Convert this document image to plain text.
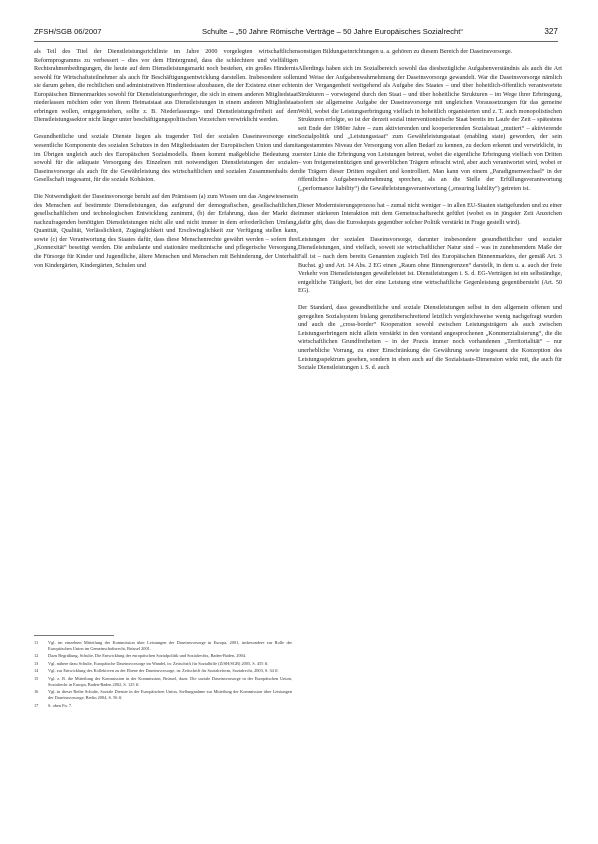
ZFSH/SGB 06/2007	Schulte – „50 Jahre Römische Verträge – 50 Jahre Europäisches Sozialrecht“	327

als Teil des Titel der Dienstleistungsrichtlinie im Jahre 2000 vorgelegten wirtschaftlichen Reformprogramms zu verbessert – dies vor dem Hintergrund, dass die schlechtere und vielfältigen Rechtsrahmenbedingungen, die heute auf dem Dienstleistungsmarkt noch bestehen, ein großes Hindernis sowohl für Wirtschaftsteilnehmer als auch für Beschäftigungsentwicklung darstellen. Insbesondere sollen sie darum gehen, die rechtlichen und administrativen Hindernisse abzubauen, die der Existenz einer echten Europäischen Binnenmarktes sowohl für Dienstleistungserbringer, die sich in einem anderen Mitgliedstaat niederlassen möchten oder von ihrem Heimatstaat aus Dienstleistungen in einem anderen Mitgliedstaat erbringen wollen, entgegenstehen, sollte z. B. Niederlassungs- und Dienstleistungsfreiheit auf dem Dienstleistungssektor nicht länger unter beschäftigungspolitischen Vorzeichen verwirklicht werden.

Gesundheitliche und soziale Dienste liegen als tragender Teil der sozialen Daseinsvorsorge eine wesentliche Komponente des sozialen Schutzes in den Mitgliedstaaten der Europäischen Union und damit im Übrigen ungleich auch des Europäischen Sozialmodells. Ihnen kommt maßgebliche Bedeutung zu sowohl für die adäquate Versorgung des Einzelnen mit notwendigen Dienstleistungen der sozialen Daseinsvorsorge als auch für die Gewährleistung des wirtschaftlichen und sozialen Zusammenhalts der Gesellschaft insgesamt, für die soziale Kohäsion.

Die Notwendigkeit der Daseinsvorsorge beruht auf den Prämissen (a) zum Wissen um das Angewiesensein des Menschen auf bestimmte Dienstleistungen, das aufgrund der demografischen, gesellschaftlichen, gesellschaftlichen und technologischen Entwicklung zunimmt, (b) der Erfahrung, dass der Markt die nachzufragenden benötigten Dienstleistungen nicht alle und nicht immer in dem erforderlichen Umfang, Quantität, Qualität, Verlässlichkeit, Zugänglichkeit und Erschwinglichkeit zur Verfügung stellen kann, sowie (c) der Verantwortung des Staates dafür, dass diese Menschenrechte gewährt werden – sofern ihre „Konnexität“ beseitigt werden. Die ambulante und stationäre medizinische und pflegerische Versorgung, die Fürsorge für Kinder und Jugendliche, ältere Menschen und Menschen mit Behinderung, der Unterhalt von Kindergärten, Kindergärten, Schulen und

11	Vgl. im einzelnen Mitteilung der Kommission über Leistungen der Daseinsvorsorge in Europa, 2001, insbesondere zur Rolle der Europäischen Union im Gemeinschaftsrecht, Brüssel 2001.
12	Dazu Begrüßung, Schulte, Die Entwicklung der europäischen Sozialpolitik und Sozialrechts, Baden-Baden, 2004.
13	Vgl. nähere dazu Schulte, Europäische Daseinsvorsorge im Wandel, in: Zeitschrift für Sozialhilfe (ZfSH/SGB) 2005, S. 455 ff.
14	Vgl. zur Entwicklung des Kollektiven zu der Ebene der Daseinsvorsorge, in: Zeitschrift für Sozialreform, Sozialrecht, 2003, S. 34 ff.
15	Vgl. z. B. die Mitteilung der Kommission in der Kommission, Brüssel, dazu: Die soziale Daseinsvorsorge in der Europäischen Union, Sozialrecht in Europa, Baden-Baden 2002, S. 125 ff.
16	Vgl. in dieser Reihe Schulte, Soziale Dienste in der Europäischen Union, Stellungnahme zur Mitteilung der Kommission über Leistungen der Daseinsvorsorge, Berlin 2004, S. 56 ff.
17	S. oben Fn. 7.

sonstigen Bildungseinrichtungen u. a. gehören zu diesem Bereich der Daseinsvorsorge.

Allerdings haben sich im Sozialbereich sowohl das diesbezügliche Aufgabenverständnis als auch die Art und Weise der Aufgabenwahrnehmung der Daseinsvorsorge gewandelt. War die Daseinsvorsorge nämlich in der Vergangenheit weitgehend als Aufgabe des Staates – und über hoheitlich-öffentlich verantwortete Strukturen – vorwiegend durch den Staat – und über hoheitliche Strukturen – im Wege ihrer Erbringung, sofern sie allgemeine Aufgabe der Daseinsvorsorge mit ungleichen Voraussetzungen für das gemeine Wohl, wobei die Leistungserbringung vielfach in hoheitlich organisierten und z. T. auch monopolistischen Strukturen erfolgte, so ist der derzeit sozial interventionistische Staat bereits im Laufe der Zeit – spätestens seit Ende der 1980er Jahre – zum aktivierenden und kooperierenden Sozialstaat „mutiert“ – aktivierende Sozialpolitik und „Leistungsstaat“ zum Gewährleistungsstaat (enabling state) geworden, der sein angestammtes Niveau der Versorgung von allen Bedarf zu kennen, zu decken erkennt und verwirklicht, in erster Linie die Erbringung von Leistungen betreut, wobei die eigentliche Erbringung vielfach von Dritten – von freigemeinnützigen und gewerblichen Trägern erbracht wird, aber auch verantwortet wird, wobei er die Trägern dieser Dritten reguliert und kontrolliert. Man kann von einem „Paradigmenwechsel“ in der öffentlichen Aufgabenwahrnehmung sprechen, als an die Stelle der Erfüllungsverantwortung („performance liability“) die Gewährleistungsverantwortung („ensuring liability“) getreten ist.

Dieser Modernisierungsprozess hat – zumal nicht weniger – in allen EU-Staaten stattgefunden und zu einer immer stärkeren Interaktion mit dem Gemeinschaftsrecht geführt (wobei es in jüngster Zeit Anzeichen dafür gibt, dass die Euroskepsis gegenüber solcher Politik verstärkt in Frage gestellt wird).

Leistungen der sozialen Daseinsvorsorge, darunter insbesondere gesundheitlicher und sozialer Dienstleistungen, sind vielfach, soweit sie wirtschaftlicher Natur sind – was in zunehmendem Maße der Fall ist – nach dem bereits Genannten zugleich Teil des Europäischen Binnenmarktes, der gemäß Art. 3 Buchst. g) und Art. 14 Abs. 2 EG einen „Raum ohne Binnengrenzen“ darstellt, in dem u. a. auch der freie Verkehr von Dienstleistungen gewährleistet ist. Dienstleistungen i. S. d. EG-Verträgen ist ein selbständige, entgeltliche Tätigkeit, bei der eine Leistung eine wirtschaftliche Gegenleistung gegenübersteht (Art. 50 EG).

Der Standard, dass gesundheitliche und soziale Dienstleistungen selbst in den allgemein offenen und geregelten Sozialsystem bislang grenzüberschreitend letztlich vergleichsweise wenig nachgefragt wurden und auch die „cross-border“ Kooperation sowohl zwischen Leistungsträgern als auch zwischen Leistungserbringern nicht allein verstärkt in den vorstand angesprochenen „Kommerzialisierung“, die die wirtschaftlichen Grundfreiheiten – in der Praxis immer noch vorhandenen „Territorialität“ – nur unerhebliche Vorrang, zu einer Einschränkung die Gewährung sowie insgesamt die Konzeption des Leistungsspektrum gesehen, sondern in eben auch auf die Sozialstaats-Dimension wirkt mit, die auch für Soziale Dienstleistungen i. S. d. auch
